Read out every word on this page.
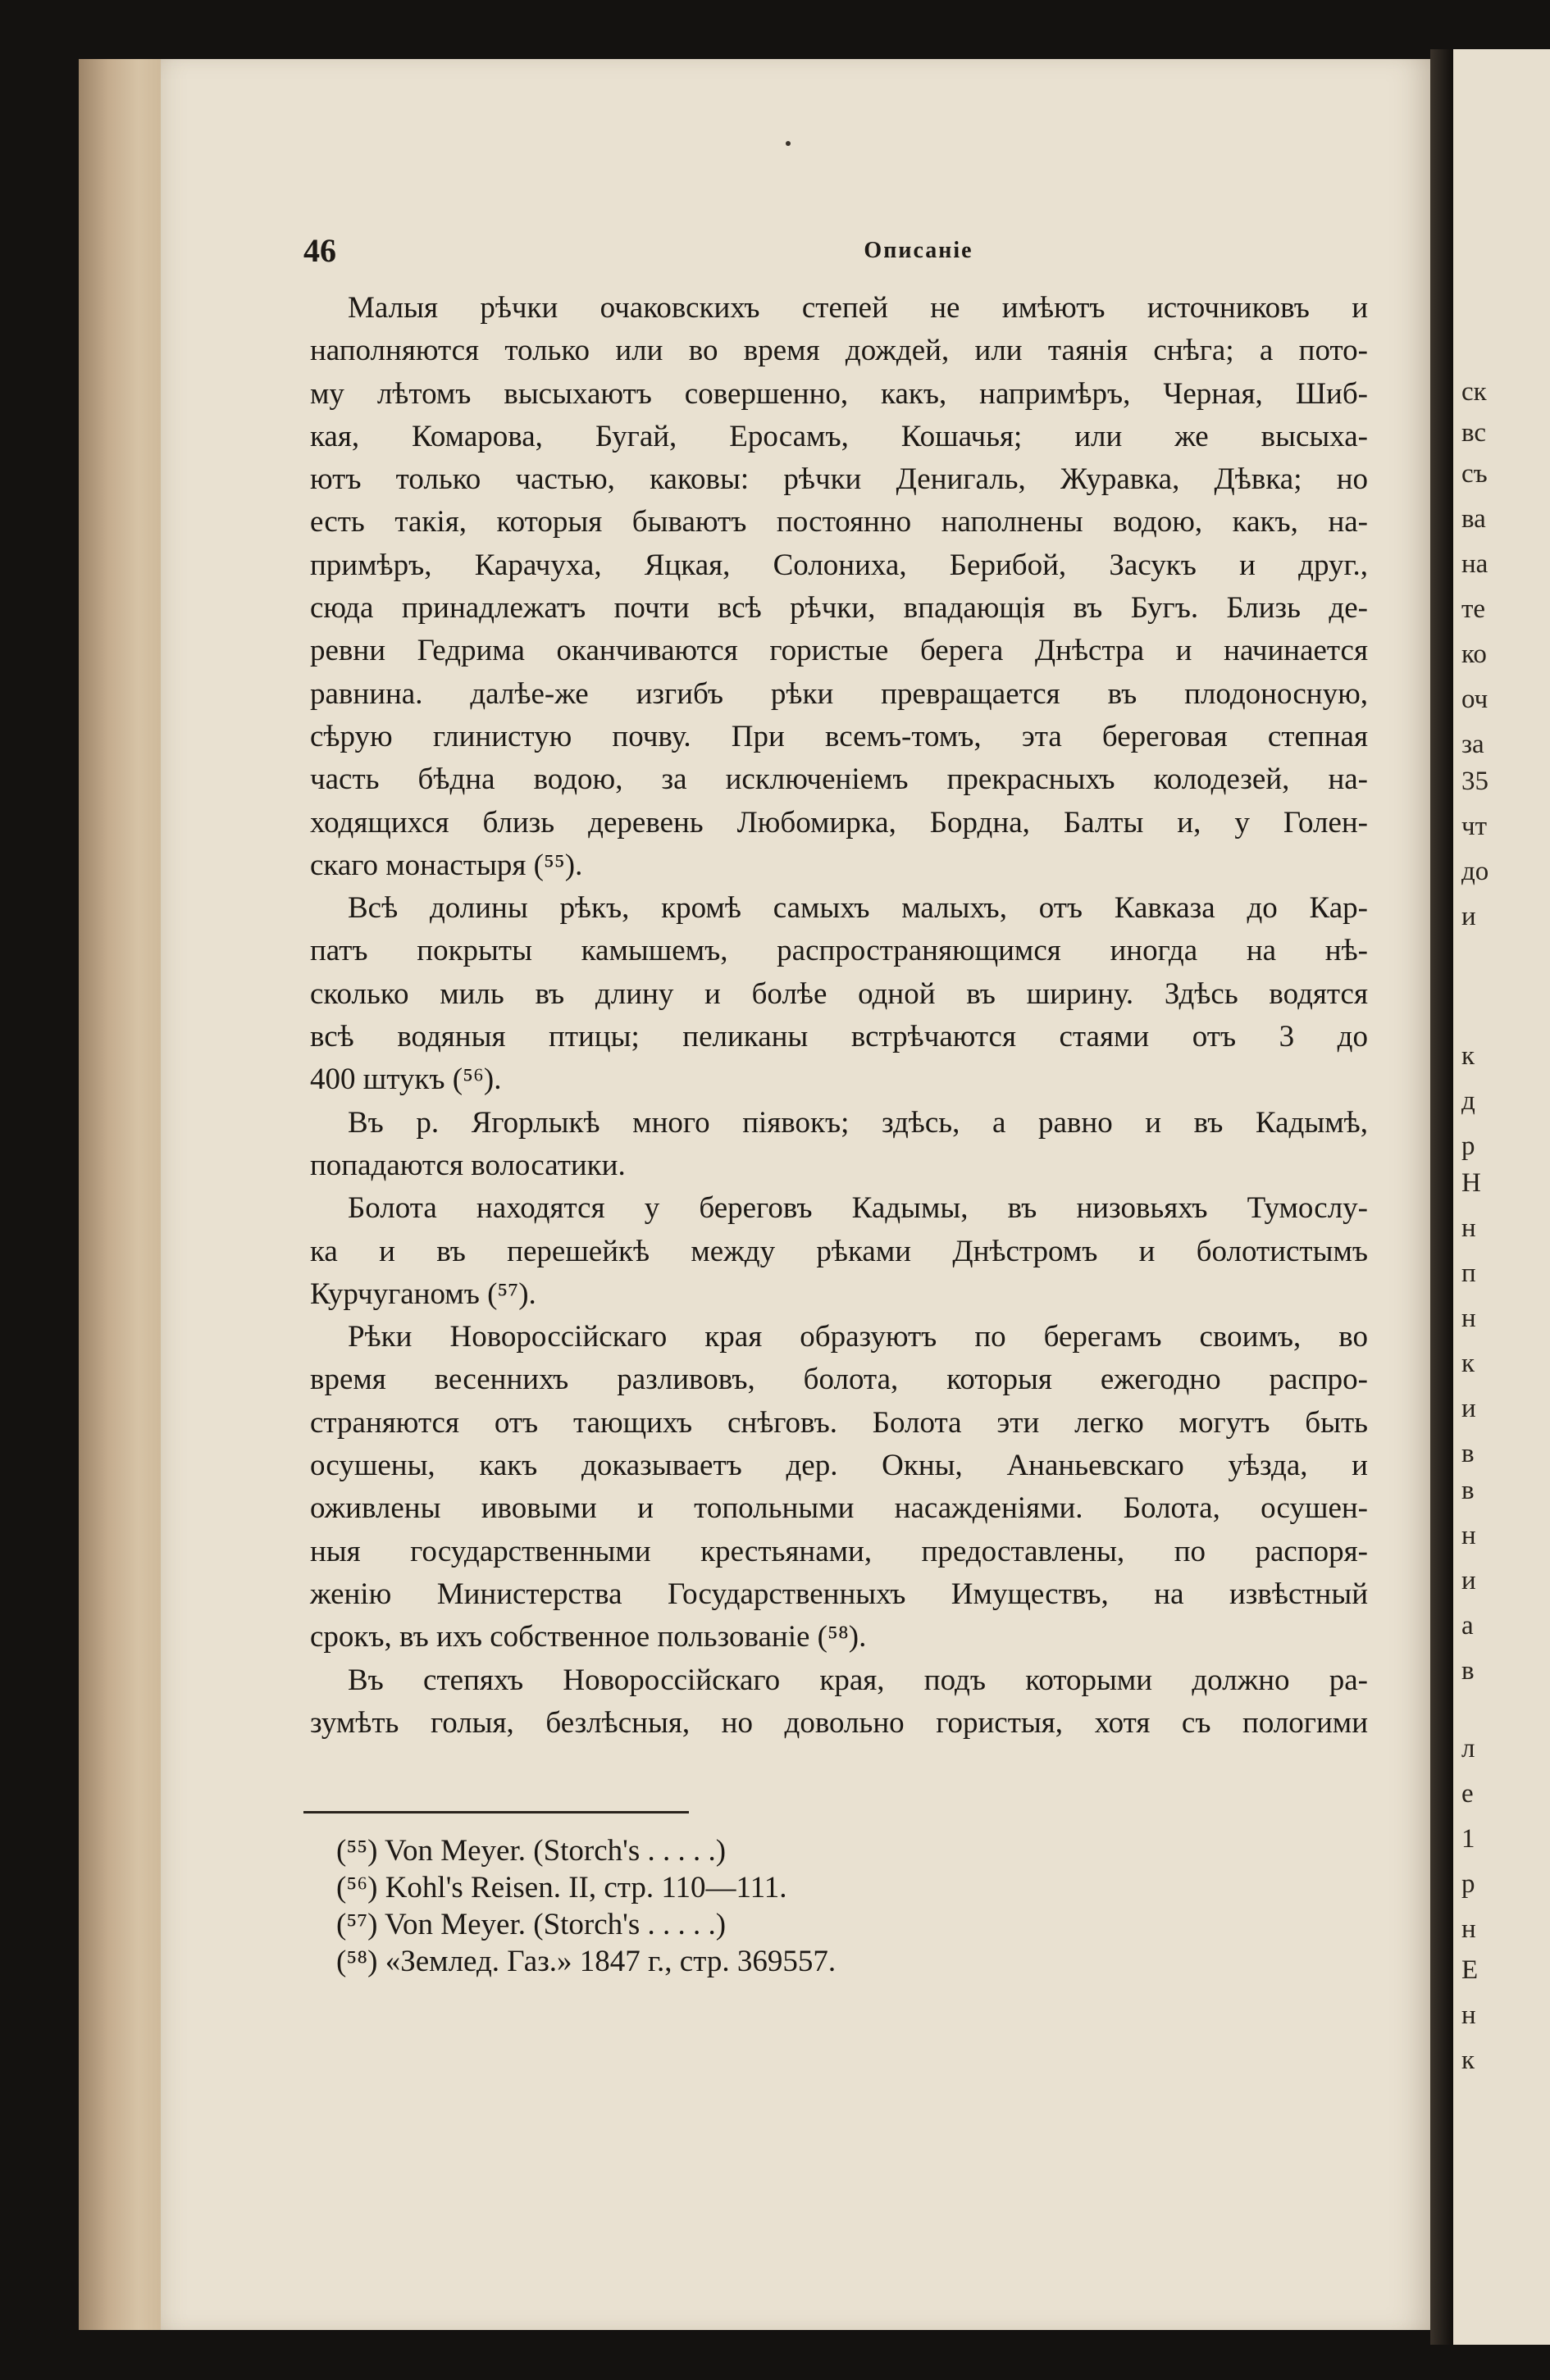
ск
вс
съ
ва
на
те
ко
оч
за
35
чт
до
и
к
д
р
Н
н
п
н
к
и
в
в
н
и
а
в
л
е
1
р
н
Е
н
к
46	Описанiе
Малыя рѣчки очаковскихъ степей не имѣютъ источниковъ и
наполняются только или во время дождей, или таянiя снѣга; а пото-
му лѣтомъ высыхаютъ совершенно, какъ, напримѣръ, Черная, Шиб-
кая, Комарова, Бугай, Еросамъ, Кошачья; или же высыха-
ютъ только частью, каковы: рѣчки Денигаль, Журавка, Дѣвка; но
есть такiя, которыя бываютъ постоянно наполнены водою, какъ, на-
примѣръ, Карачуха, Яцкая, Солониха, Берибой, Засукъ и друг.,
сюда принадлежатъ почти всѣ рѣчки, впадающiя въ Бугъ. Близь де-
ревни Гедрима оканчиваются гористые берега Днѣстра и начинается
равнина. далѣе-же изгибъ рѣки превращается въ плодоносную,
сѣрую глинистую почву. При всемъ-томъ, эта береговая степная
часть бѣдна водою, за исключенiемъ прекрасныхъ колодезей, на-
ходящихся близь деревень Любомирка, Бордна, Балты и, у Голен-
скаго монастыря (⁵⁵).
Всѣ долины рѣкъ, кромѣ самыхъ малыхъ, отъ Кавказа до Кар-
патъ покрыты камышемъ, распространяющимся иногда на нѣ-
сколько миль въ длину и болѣе одной въ ширину. Здѣсь водятся
всѣ водяныя птицы; пеликаны встрѣчаются стаями отъ 3 до
400 штукъ (⁵⁶).
Въ р. Ягорлыкѣ много пiявокъ; здѣсь, а равно и въ Кадымѣ,
попадаются волосатики.
Болота находятся у береговъ Кадымы, въ низовьяхъ Тумослу-
ка и въ перешейкѣ между рѣками Днѣстромъ и болотистымъ
Курчуганомъ (⁵⁷).
Рѣки Новороссiйскаго края образуютъ по берегамъ своимъ, во
время весеннихъ разливовъ, болота, которыя ежегодно распро-
страняются отъ тающихъ снѣговъ. Болота эти легко могутъ быть
осушены, какъ доказываетъ дер. Окны, Ананьевскаго уѣзда, и
оживлены ивовыми и топольными насажденiями. Болота, осушен-
ныя государственными крестьянами, предоставлены, по распоря-
женiю Министерства Государственныхъ Имуществъ, на извѣстный
срокъ, въ ихъ собственное пользованiе (⁵⁸).
Въ степяхъ Новороссiйскаго края, подъ которыми должно ра-
зумѣть голыя, безлѣсныя, но довольно гористыя, хотя съ пологими
(⁵⁵) Von Meyer. (Storch's . . . . .)
(⁵⁶) Kohl's Reisen. II, стр. 110—111.
(⁵⁷) Von Meyer. (Storch's . . . . .)
(⁵⁸) «Землед. Газ.» 1847 г., стр. 369557.
